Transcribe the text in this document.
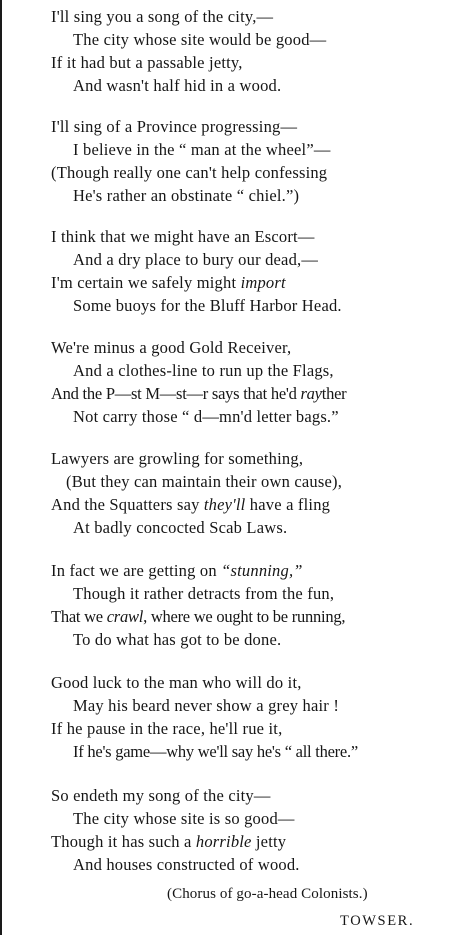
I'll sing you a song of the city,—
The city whose site would be good—
If it had but a passable jetty,
And wasn't half hid in a wood.
I'll sing of a Province progressing—
I believe in the “ man at the wheel”—
(Though really one can't help confessing
He's rather an obstinate “ chiel.”)
I think that we might have an Escort—
And a dry place to bury our dead,—
I'm certain we safely might import
Some buoys for the Bluff Harbor Head.
We're minus a good Gold Receiver,
And a clothes-line to run up the Flags,
And the P—st M—st—r says that he'd rayther
Not carry those “ d—mn'd letter bags.”
Lawyers are growling for something,
(But they can maintain their own cause),
And the Squatters say they'll have a fling
At badly concocted Scab Laws.
In fact we are getting on “stunning,”
Though it rather detracts from the fun,
That we crawl, where we ought to be running,
To do what has got to be done.
Good luck to the man who will do it,
May his beard never show a grey hair !
If he pause in the race, he'll rue it,
If he's game—why we'll say he's “ all there.”
So endeth my song of the city—
The city whose site is so good—
Though it has such a horrible jetty
And houses constructed of wood.
(Chorus of go-a-head Colonists.)
TOWSER.
